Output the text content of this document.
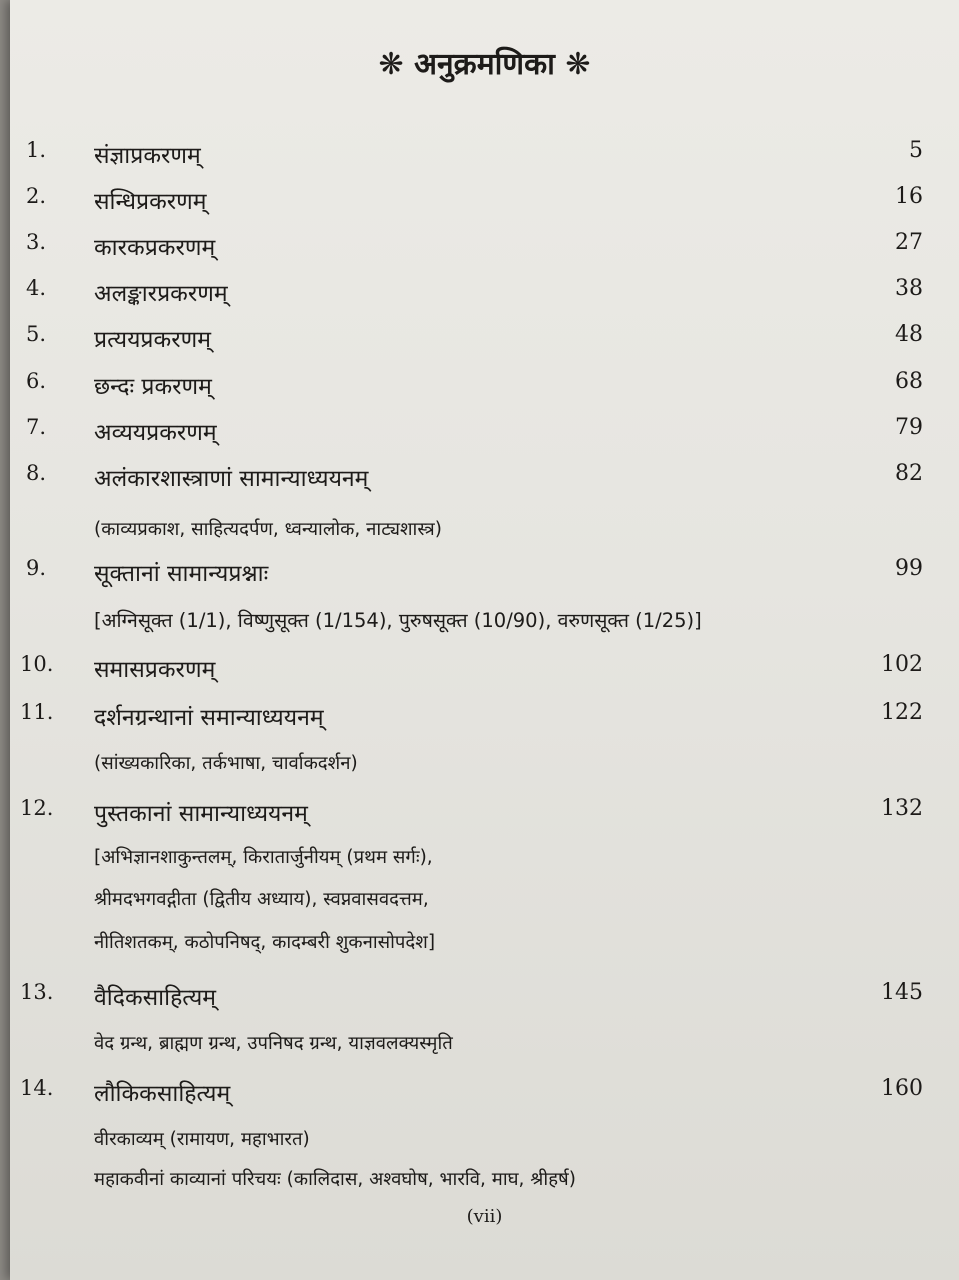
❋ अनुक्रमणिका ❋
1. संज्ञाप्रकरणम्	5
2. सन्धिप्रकरणम्	16
3. कारकप्रकरणम्	27
4. अलङ्कारप्रकरणम्	38
5. प्रत्ययप्रकरणम्	48
6. छन्दः प्रकरणम्	68
7. अव्ययप्रकरणम्	79
8. अलंकारशास्त्राणां सामान्याध्ययनम्	82
(काव्यप्रकाश, साहित्यदर्पण, ध्वन्यालोक, नाट्यशास्त्र)
9. सूक्तानां सामान्यप्रश्नाः	99
[अग्निसूक्त (1/1), विष्णुसूक्त (1/154), पुरुषसूक्त (10/90), वरुणसूक्त (1/25)]
10. समासप्रकरणम्	102
11. दर्शनग्रन्थानां समान्याध्ययनम्	122
(सांख्यकारिका, तर्कभाषा, चार्वाकदर्शन)
12. पुस्तकानां सामान्याध्ययनम्	132
[अभिज्ञानशाकुन्तलम्, किरातार्जुनीयम् (प्रथम सर्गः),
श्रीमदभगवद्गीता (द्वितीय अध्याय), स्वप्नवासवदत्तम,
नीतिशतकम्, कठोपनिषद्, कादम्बरी शुकनासोपदेश]
13. वैदिकसाहित्यम्	145
वेद ग्रन्थ, ब्राह्मण ग्रन्थ, उपनिषद ग्रन्थ, याज्ञवलक्यस्मृति
14. लौकिकसाहित्यम्	160
वीरकाव्यम् (रामायण, महाभारत)
महाकवीनां काव्यानां परिचयः (कालिदास, अश्वघोष, भारवि, माघ, श्रीहर्ष)
(vii)
